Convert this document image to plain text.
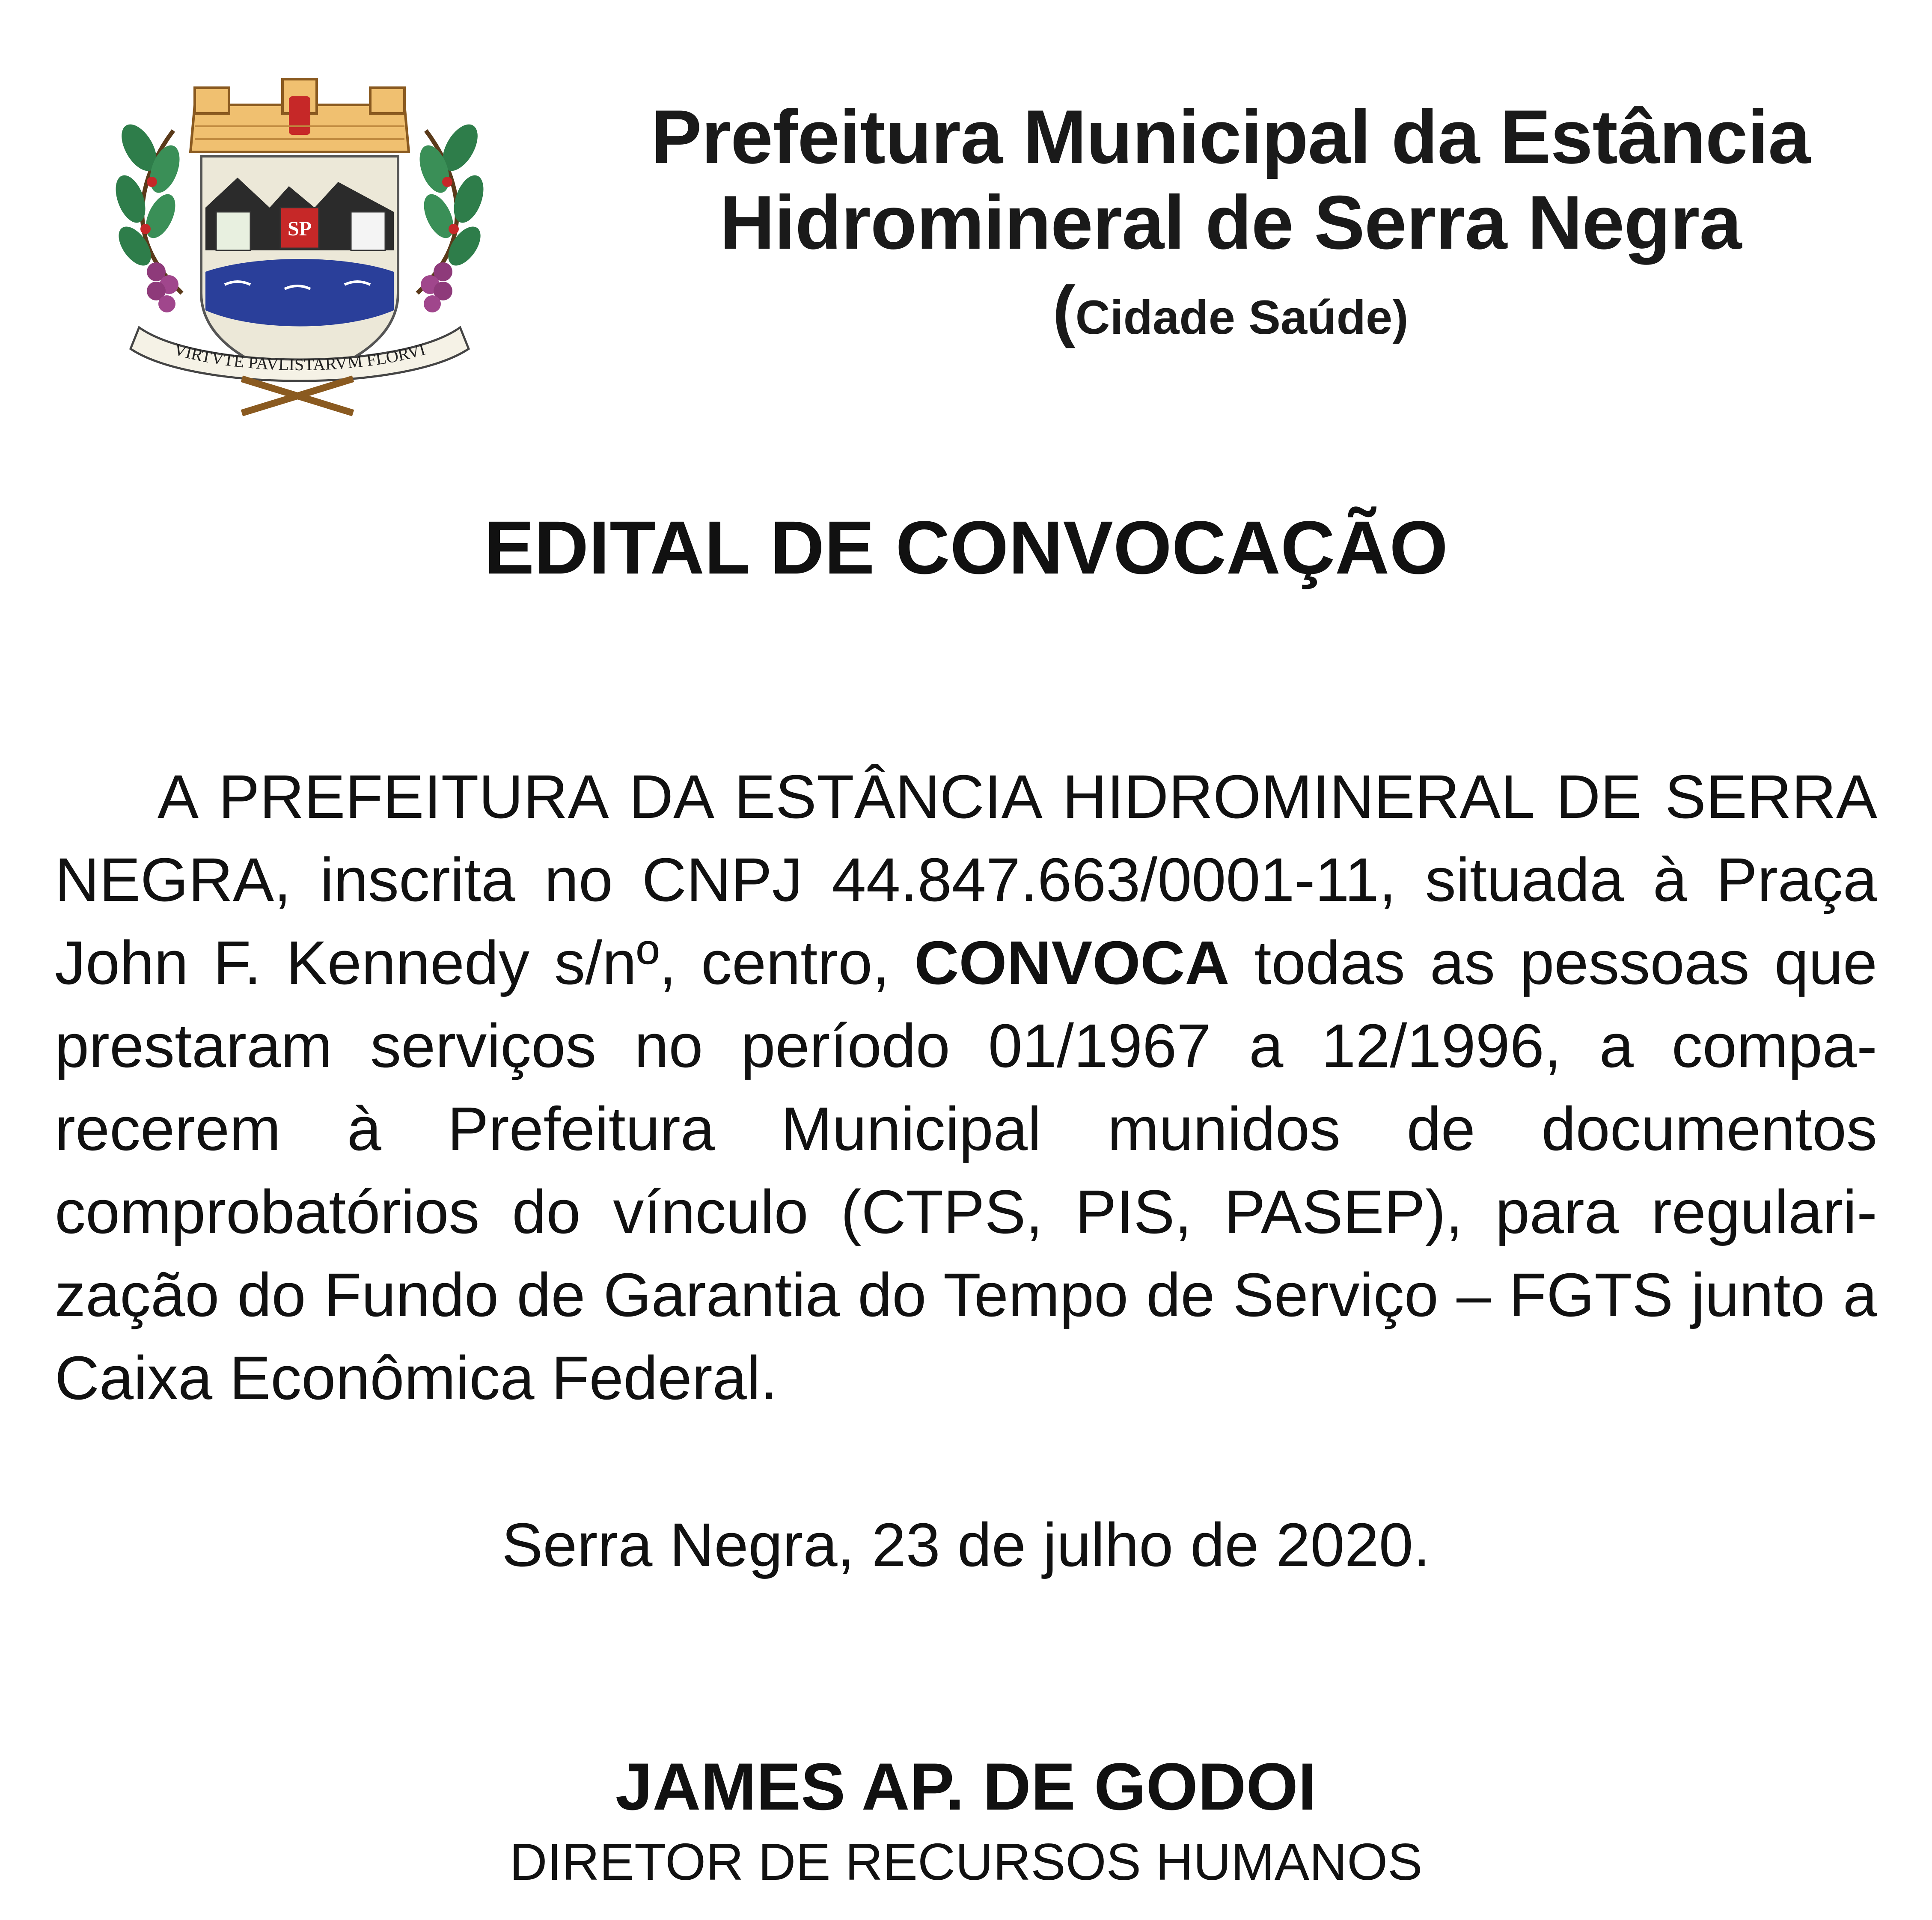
SP
VIRTVTE PAVLISTARVM FLORVI
Prefeitura Municipal da Estância
Hidromineral de Serra Negra
(Cidade Saúde)
EDITAL DE CONVOCAÇÃO
A PREFEITURA DA ESTÂNCIA HIDROMINERAL DE SERRA NEGRA, inscrita no CNPJ 44.847.663/0001-11, situada à Praça John F. Kennedy s/nº, centro, CONVOCA todas as pessoas que prestaram serviços no período 01/1967 a 12/1996, a comparecerem à Prefeitura Municipal munidos de documentos comprobatórios do vínculo (CTPS, PIS, PASEP), para regularização do Fundo de Garantia do Tempo de Serviço – FGTS junto a Caixa Econômica Federal.
Serra Negra, 23 de julho de 2020.
JAMES AP. DE GODOI
DIRETOR DE RECURSOS HUMANOS
